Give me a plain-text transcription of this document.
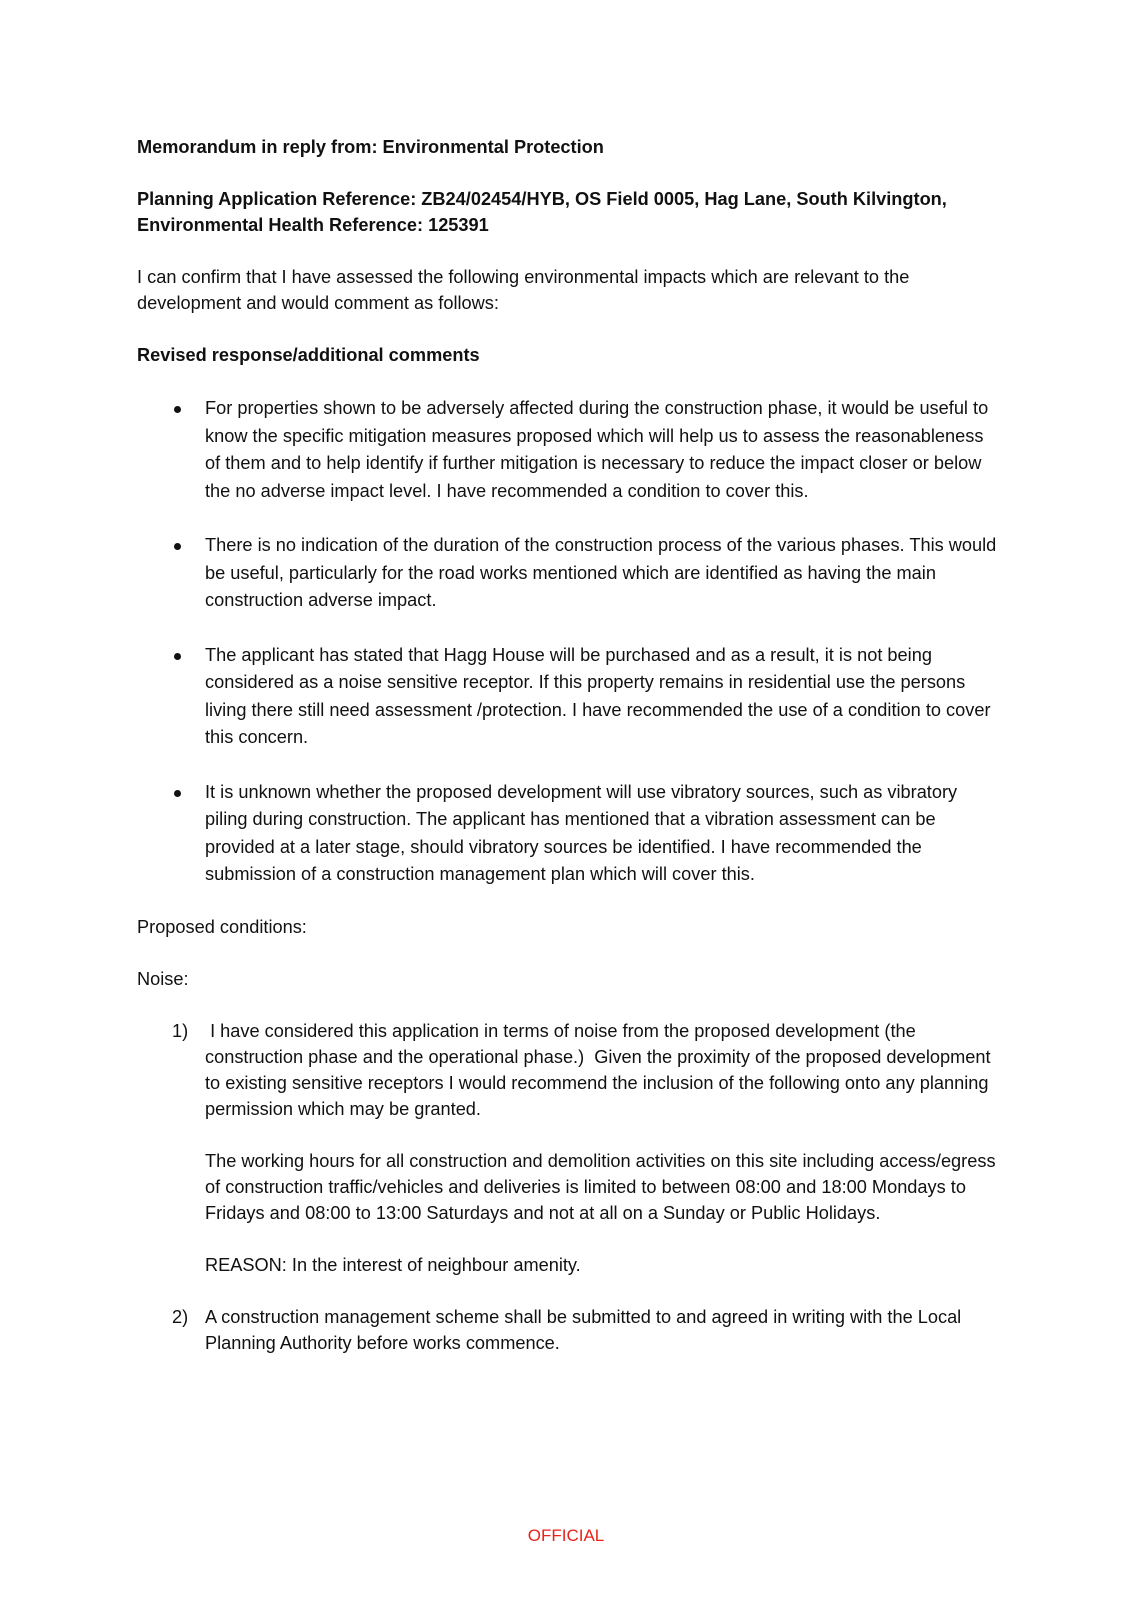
Memorandum in reply from: Environmental Protection

Planning Application Reference: ZB24/02454/HYB, OS Field 0005, Hag Lane, South Kilvington,
Environmental Health Reference: 125391

I can confirm that I have assessed the following environmental impacts which are relevant to the development and would comment as follows:

Revised response/additional comments

For properties shown to be adversely affected during the construction phase, it would be useful to know the specific mitigation measures proposed which will help us to assess the reasonableness of them and to help identify if further mitigation is necessary to reduce the impact closer or below the no adverse impact level. I have recommended a condition to cover this.
There is no indication of the duration of the construction process of the various phases. This would be useful, particularly for the road works mentioned which are identified as having the main construction adverse impact.
The applicant has stated that Hagg House will be purchased and as a result, it is not being considered as a noise sensitive receptor. If this property remains in residential use the persons living there still need assessment /protection. I have recommended the use of a condition to cover this concern.
It is unknown whether the proposed development will use vibratory sources, such as vibratory piling during construction. The applicant has mentioned that a vibration assessment can be provided at a later stage, should vibratory sources be identified. I have recommended the submission of a construction management plan which will cover this.

Proposed conditions:

Noise:

1) I have considered this application in terms of noise from the proposed development (the construction phase and the operational phase.)  Given the proximity of the proposed development to existing sensitive receptors I would recommend the inclusion of the following onto any planning permission which may be granted.

The working hours for all construction and demolition activities on this site including access/egress of construction traffic/vehicles and deliveries is limited to between 08:00 and 18:00 Mondays to Fridays and 08:00 to 13:00 Saturdays and not at all on a Sunday or Public Holidays.

REASON: In the interest of neighbour amenity.

2) A construction management scheme shall be submitted to and agreed in writing with the Local Planning Authority before works commence.

OFFICIAL
